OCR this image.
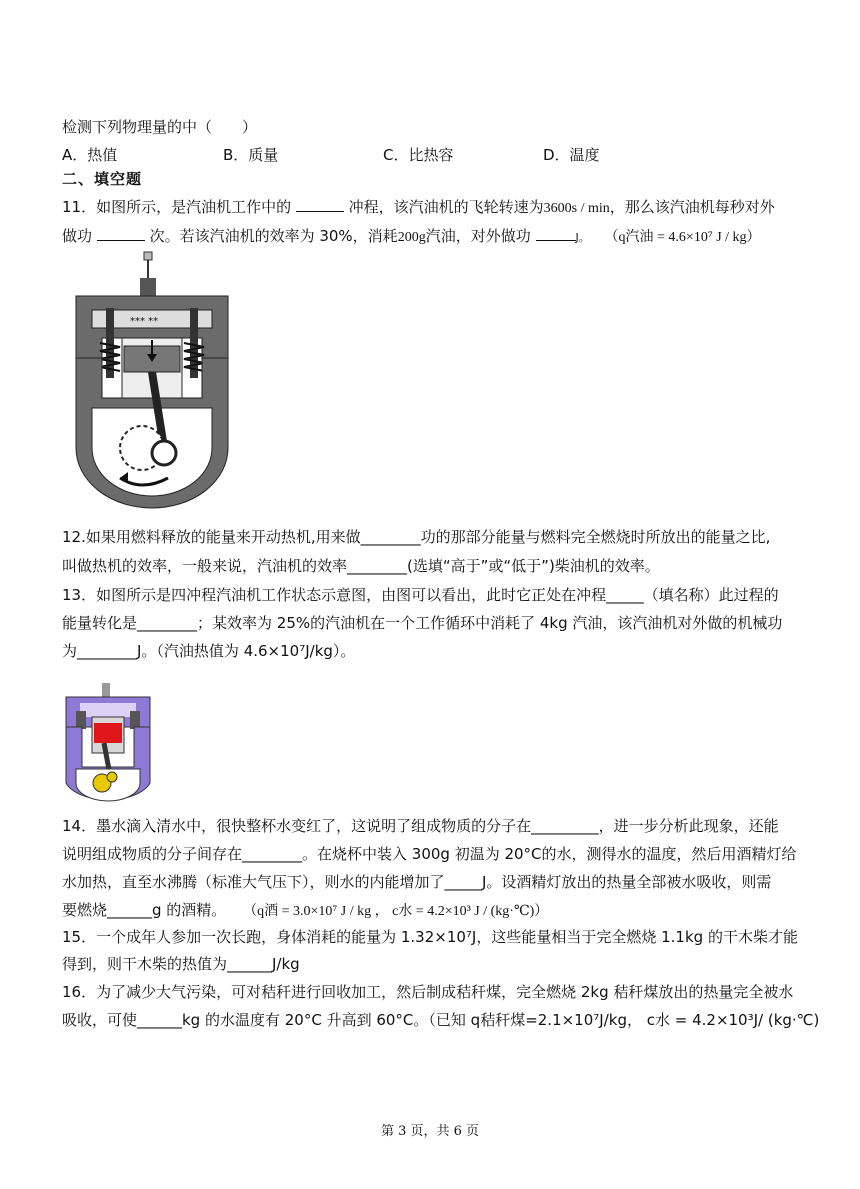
检测下列物理量的中（　　）
A．热值	B．质量	C．比热容	D．温度
二、填空题
11．如图所示，是汽油机工作中的	冲程，该汽油机的飞轮转速为3600s / min，那么该汽油机每秒对外
做功	次。若该汽油机的效率为 30%，消耗200g汽油，对外做功	J。 （q汽油 = 4.6×10⁷ J / kg）
*** **
12.如果用燃料释放的能量来开动热机,用来做________功的那部分能量与燃料完全燃烧时所放出的能量之比,
叫做热机的效率，一般来说，汽油机的效率________(选填“高于”或“低于”)柴油机的效率。
13．如图所示是四冲程汽油机工作状态示意图，由图可以看出，此时它正处在冲程_____（填名称）此过程的
能量转化是________；某效率为 25%的汽油机在一个工作循环中消耗了 4kg 汽油，该汽油机对外做的机械功
为________J。（汽油热值为 4.6×10⁷J/kg）。
14．墨水滴入清水中，很快整杯水变红了，这说明了组成物质的分子在_________，进一步分析此现象，还能
说明组成物质的分子间存在________。在烧杯中装入 300g 初温为 20°C的水，测得水的温度，然后用酒精灯给
水加热，直至水沸腾（标准大气压下），则水的内能增加了_____J。设酒精灯放出的热量全部被水吸收，则需
要燃烧______g 的酒精。 （q酒 = 3.0×10⁷ J / kg ， c水 = 4.2×10³ J / (kg·℃)）
15．一个成年人参加一次长跑，身体消耗的能量为 1.32×10⁷J，这些能量相当于完全燃烧 1.1kg 的干木柴才能
得到，则干木柴的热值为______J/kg
16．为了减少大气污染，可对秸秆进行回收加工，然后制成秸秆煤，完全燃烧 2kg 秸秆煤放出的热量完全被水
吸收，可使______kg 的水温度有 20°C 升高到 60°C。（已知 q秸秆煤=2.1×10⁷J/kg， c水 = 4.2×10³J/ (kg·℃)
第 3 页，共 6 页
